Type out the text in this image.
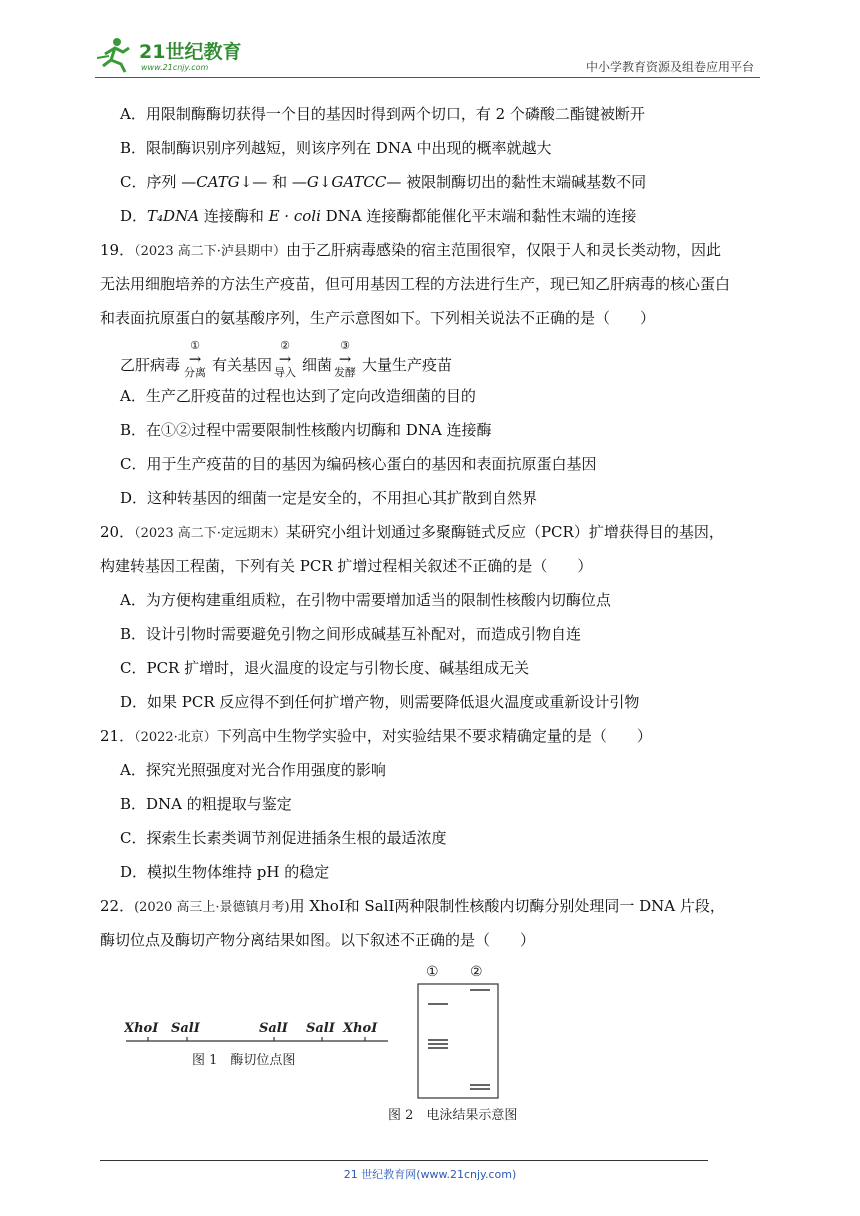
21世纪教育
www.21cnjy.com	中小学教育资源及组卷应用平台
A．用限制酶酶切获得一个目的基因时得到两个切口，有 2 个磷酸二酯键被断开
B．限制酶识别序列越短，则该序列在 DNA 中出现的概率就越大
C．序列 —CATG↓— 和 —G↓GATCC— 被限制酶切出的黏性末端碱基数不同
D．T₄DNA 连接酶和 E · coli DNA 连接酶都能催化平末端和黏性末端的连接
19．（2023 高二下·泸县期中）由于乙肝病毒感染的宿主范围很窄，仅限于人和灵长类动物，因此
无法用细胞培养的方法生产疫苗，但可用基因工程的方法进行生产，现已知乙肝病毒的核心蛋白
和表面抗原蛋白的氨基酸序列，生产示意图如下。下列相关说法不正确的是（　　）
乙肝病毒
①
→
分离 有关基因
②
→
导入 细菌
③
→
发酵 大量生产疫苗
A．生产乙肝疫苗的过程也达到了定向改造细菌的目的
B．在①②过程中需要限制性核酸内切酶和 DNA 连接酶
C．用于生产疫苗的目的基因为编码核心蛋白的基因和表面抗原蛋白基因
D．这种转基因的细菌一定是安全的，不用担心其扩散到自然界
20．（2023 高二下·定远期末）某研究小组计划通过多聚酶链式反应（PCR）扩增获得目的基因，
构建转基因工程菌，下列有关 PCR 扩增过程相关叙述不正确的是（　　）
A．为方便构建重组质粒，在引物中需要增加适当的限制性核酸内切酶位点
B．设计引物时需要避免引物之间形成碱基互补配对，而造成引物自连
C．PCR 扩增时，退火温度的设定与引物长度、碱基组成无关
D．如果 PCR 反应得不到任何扩增产物，则需要降低退火温度或重新设计引物
21．（2022·北京）下列高中生物学实验中，对实验结果不要求精确定量的是（　　）
A．探究光照强度对光合作用强度的影响
B．DNA 的粗提取与鉴定
C．探索生长素类调节剂促进插条生根的最适浓度
D．模拟生物体维持 pH 的稳定
22．(2020 高三上·景德镇月考)用 XhoⅠ和 SalⅠ两种限制性核酸内切酶分别处理同一 DNA 片段，
酶切位点及酶切产物分离结果如图。以下叙述不正确的是（　　）
XhoⅠ SalⅠ	SalⅠ SalⅠ XhoⅠ
图 1　酶切位点图
① ②
图 2　电泳结果示意图
21 世纪教育网(www.21cnjy.com)
